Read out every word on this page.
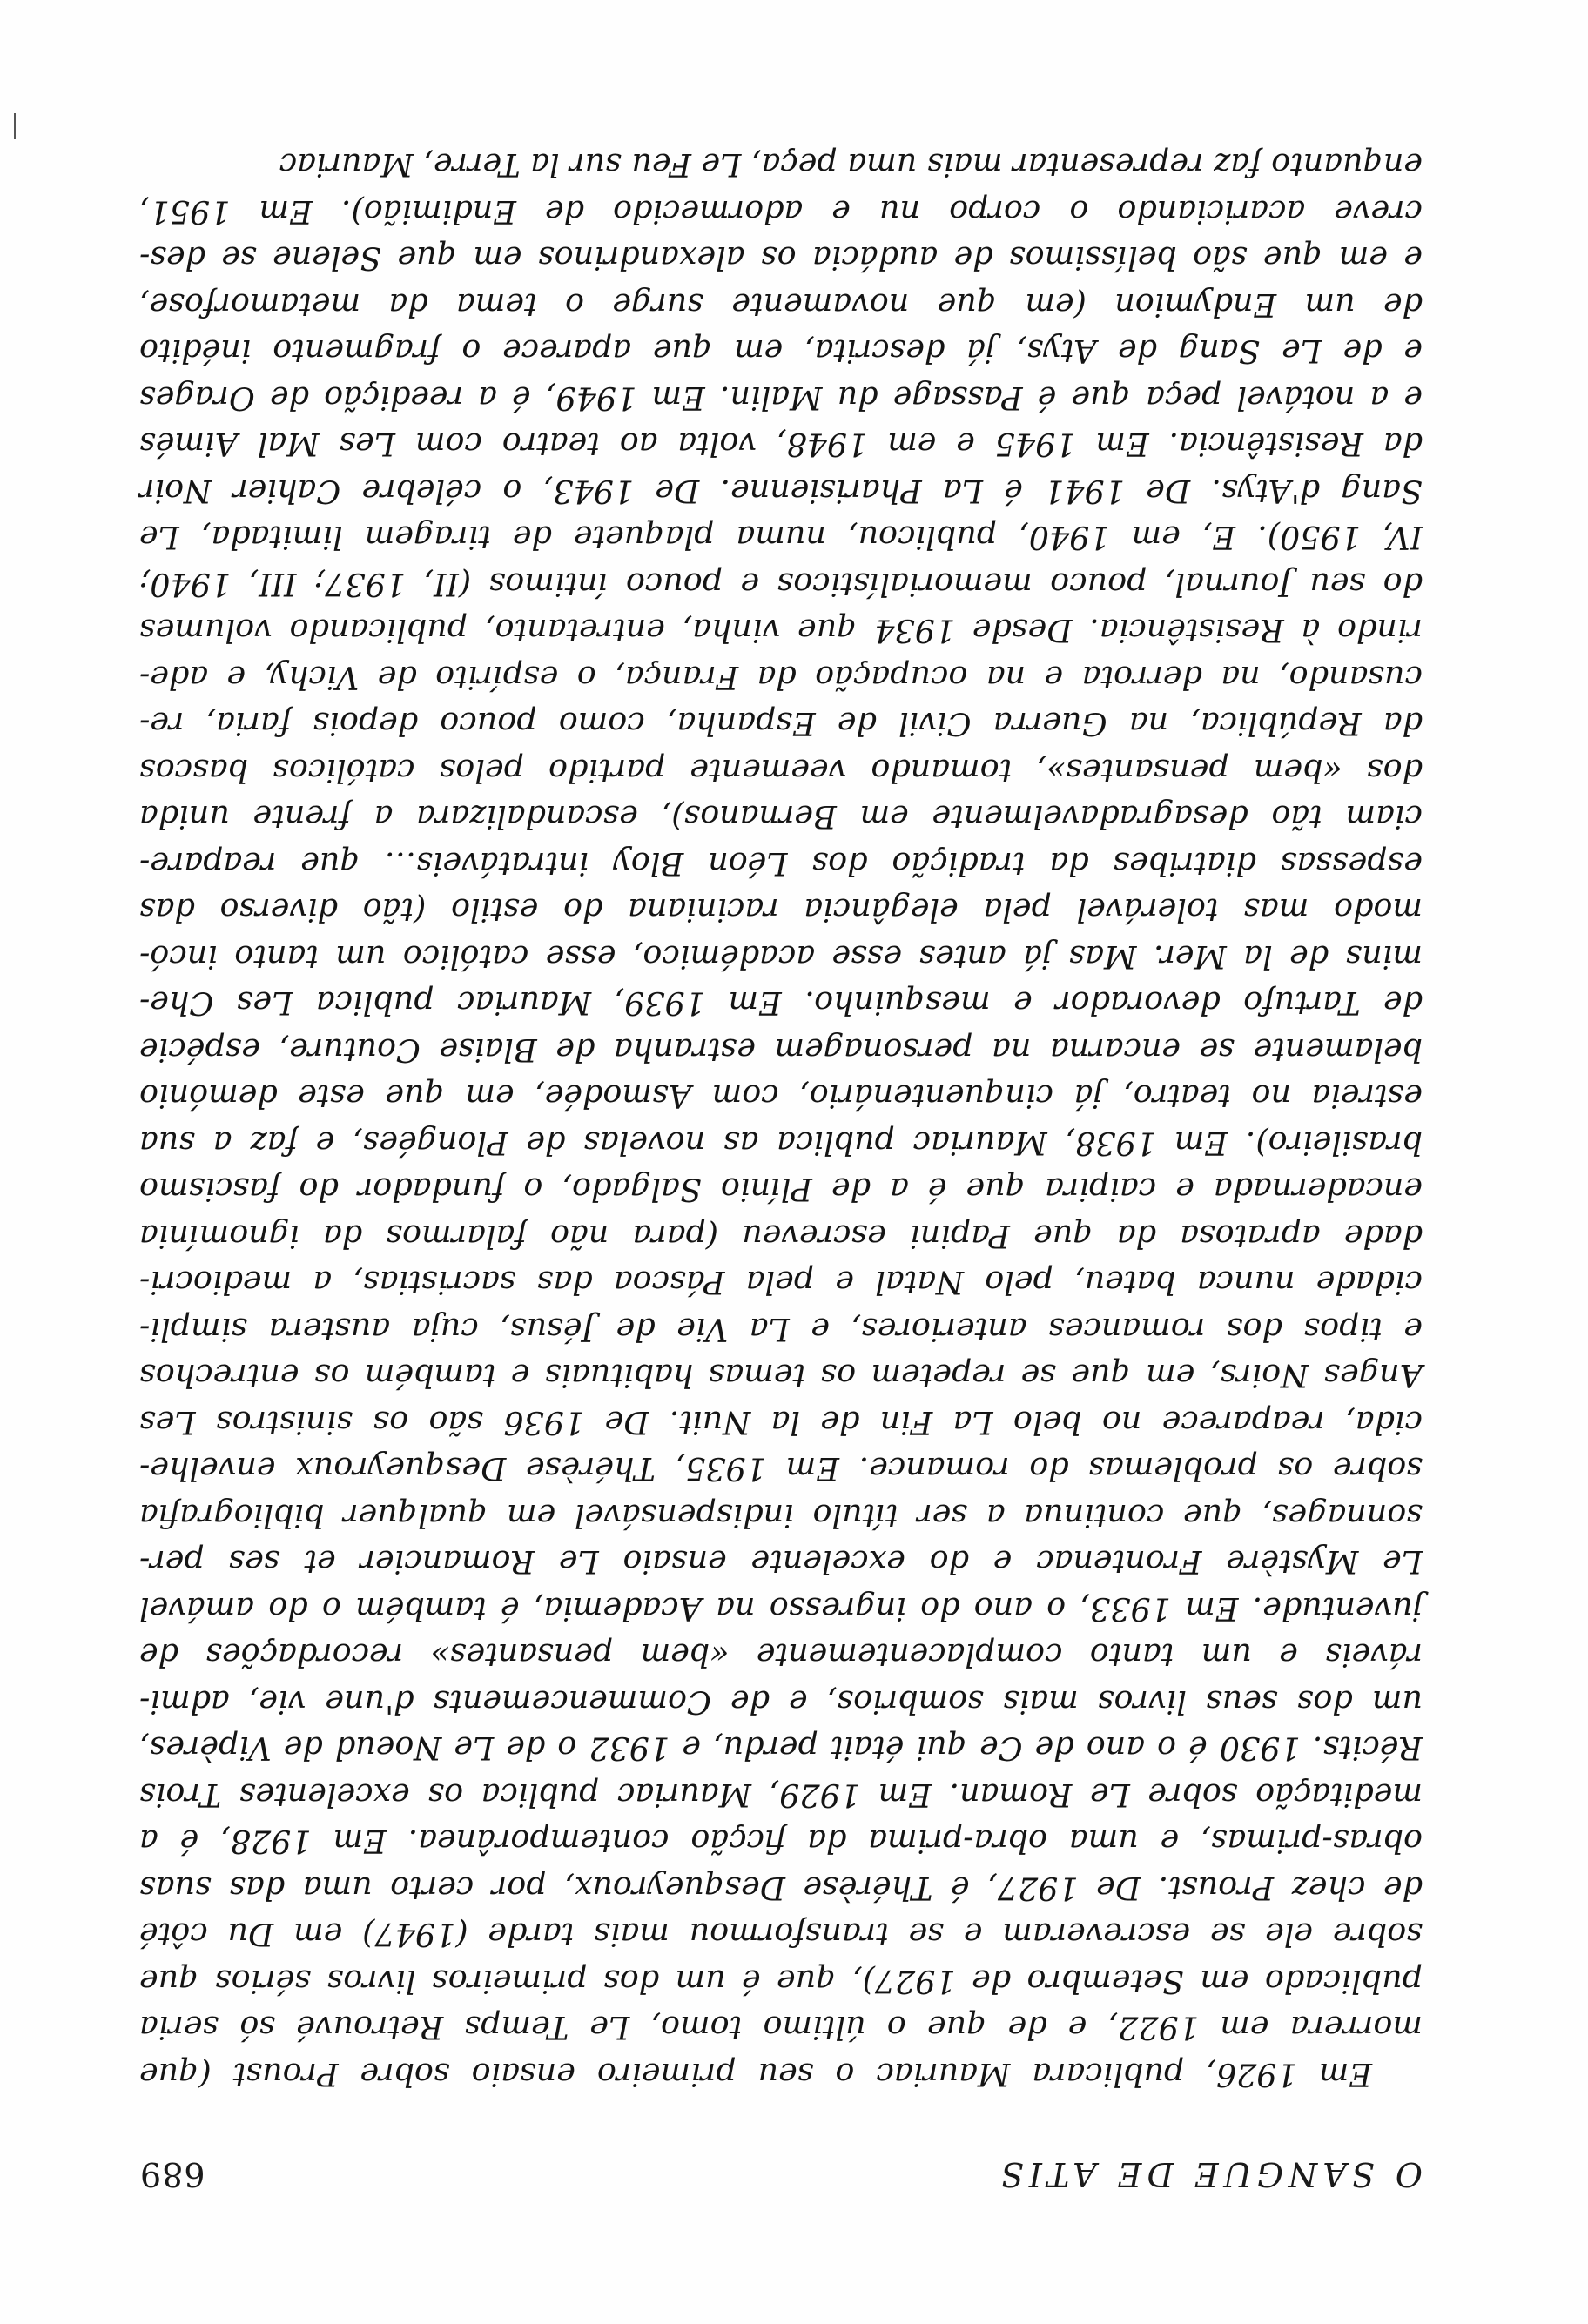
O SANGUE DE ATIS
689
Em 1926, publicara Mauriac o seu primeiro ensaio sobre Proust (que
morrera em 1922, e de que o último tomo, Le Temps Retrouvé só seria
publicado em Setembro de 1927), que é um dos primeiros livros sérios que
sobre ele se escreveram e se transformou mais tarde (1947) em Du côté
de chez Proust. De 1927, é Thérèse Desqueyroux, por certo uma das suas
obras-primas, e uma obra-prima da ficção contemporânea. Em 1928, é a
meditação sobre Le Roman. Em 1929, Mauriac publica os excelentes Trois
Récits. 1930 é o ano de Ce qui était perdu, e 1932 o de Le Noeud de Vipères,
um dos seus livros mais sombrios, e de Commencements d'une vie, admi-
ráveis e um tanto complacentemente «bem pensantes» recordações de
juventude. Em 1933, o ano do ingresso na Academia, é também o do amável
Le Mystère Frontenac e do excelente ensaio Le Romancier et ses per-
sonnages, que continua a ser título indispensável em qualquer bibliografia
sobre os problemas do romance. Em 1935, Thérèse Desqueyroux envelhe-
cida, reaparece no belo La Fin de la Nuit. De 1936 são os sinistros Les
Anges Noirs, em que se repetem os temas habituais e também os entrechos
e tipos dos romances anteriores, e La Vie de Jésus, cuja austera simpli-
cidade nunca bateu, pelo Natal e pela Páscoa das sacristias, a mediocri-
dade apratosa da que Papini escreveu (para não falarmos da ignomínia
encadernada e caipira que é a de Plínio Salgado, o fundador do fascismo
brasileiro). Em 1938, Mauriac publica as novelas de Plongées, e faz a sua
estreia no teatro, já cinquentenário, com Asmodée, em que este demónio
belamente se encarna na personagem estranha de Blaise Couture, espécie
de Tartufo devorador e mesquinho. Em 1939, Mauriac publica Les Che-
mins de la Mer. Mas já antes esse académico, esse católico um tanto incó-
modo mas tolerável pela elegância raciniana do estilo (tão diverso das
espessas diatribes da tradição dos Léon Bloy intratáveis… que reapare-
ciam tão desagradavelmente em Bernanos), escandalizara a frente unida
dos «bem pensantes», tomando veemente partido pelos católicos bascos
da República, na Guerra Civil de Espanha, como pouco depois faria, re-
cusando, na derrota e na ocupação da França, o espírito de Vichy, e ade-
rindo à Resistência. Desde 1934 que vinha, entretanto, publicando volumes
do seu Journal, pouco memorialísticos e pouco íntimos (II, 1937; III, 1940;
IV, 1950). E, em 1940, publicou, numa plaquete de tiragem limitada, Le
Sang d'Atys. De 1941 é La Pharisienne. De 1943, o célebre Cahier Noir
da Resistência. Em 1945 e em 1948, volta ao teatro com Les Mal Aimés
e a notável peça que é Passage du Malin. Em 1949, é a reedição de Orages
e de Le Sang de Atys, já descrita, em que aparece o fragmento inédito
de um Endymion (em que novamente surge o tema da metamorfose,
e em que são belíssimos de audácia os alexandrinos em que Selene se des-
creve acariciando o corpo nu e adormecido de Endimião). Em 1951,
enquanto faz representar mais uma peça, Le Feu sur la Terre, Mauriac
